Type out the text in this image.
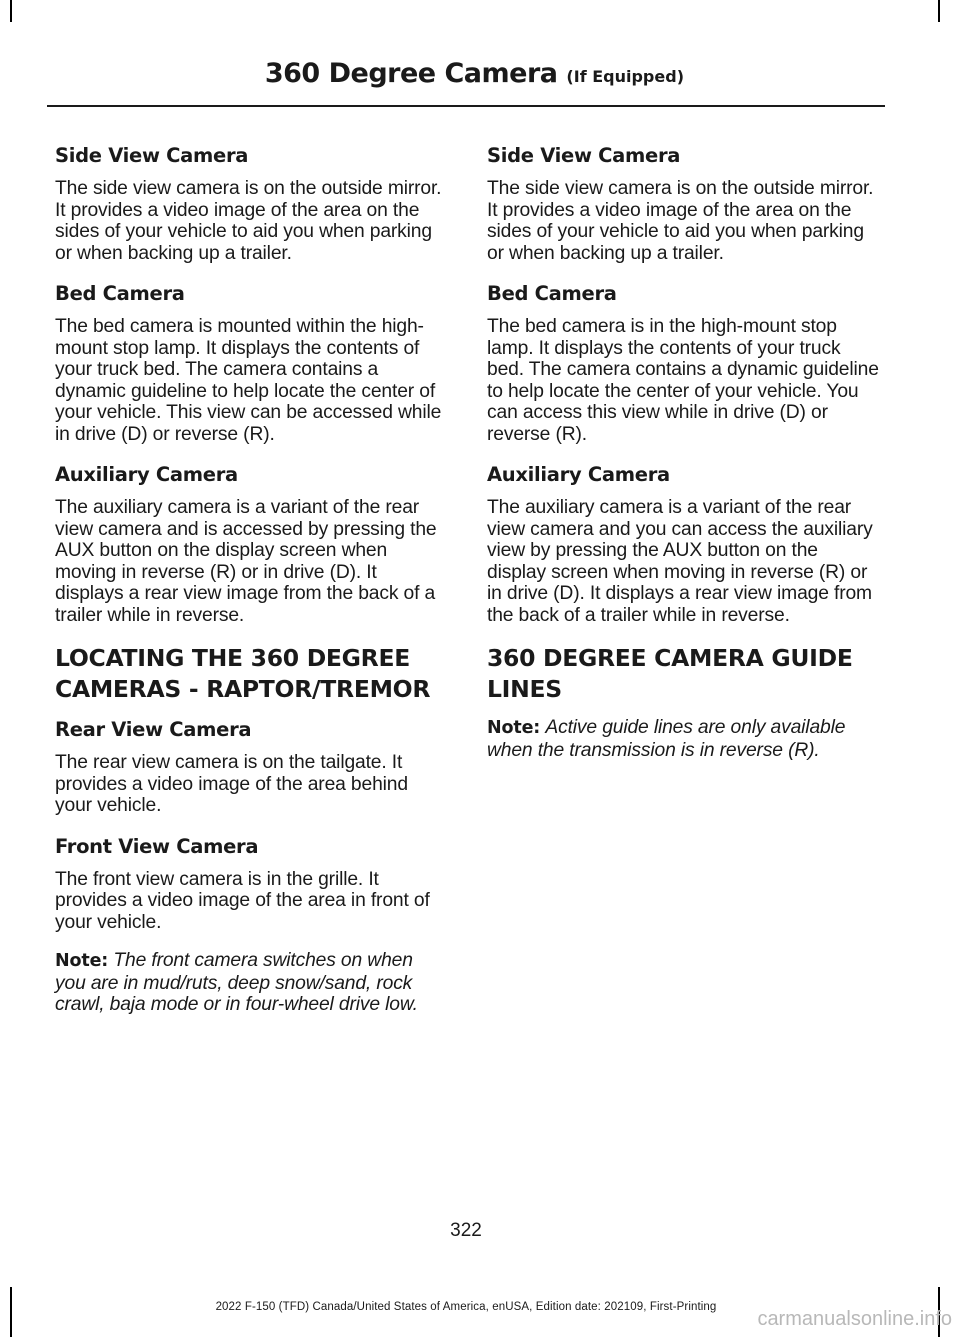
360 Degree Camera (If Equipped)
Side View Camera

The side view camera is on the outside mirror. It provides a video image of the area on the sides of your vehicle to aid you when parking or when backing up a trailer.

Bed Camera

The bed camera is mounted within the high-mount stop lamp. It displays the contents of your truck bed. The camera contains a dynamic guideline to help locate the center of your vehicle. This view can be accessed while in drive (D) or reverse (R).

Auxiliary Camera

The auxiliary camera is a variant of the rear view camera and is accessed by pressing the AUX button on the display screen when moving in reverse (R) or in drive (D). It displays a rear view image from the back of a trailer while in reverse.

LOCATING THE 360 DEGREE
CAMERAS - RAPTOR/TREMOR
Rear View Camera

The rear view camera is on the tailgate. It provides a video image of the area behind your vehicle.

Front View Camera

The front view camera is in the grille. It provides a video image of the area in front of your vehicle.

Note: The front camera switches on when you are in mud/ruts, deep snow/sand, rock crawl, baja mode or in four-wheel drive low.

Side View Camera

The side view camera is on the outside mirror. It provides a video image of the area on the sides of your vehicle to aid you when parking or when backing up a trailer.

Bed Camera

The bed camera is in the high-mount stop lamp. It displays the contents of your truck bed. The camera contains a dynamic guideline to help locate the center of your vehicle. You can access this view while in drive (D) or reverse (R).

Auxiliary Camera

The auxiliary camera is a variant of the rear view camera and you can access the auxiliary view by pressing the AUX button on the display screen when moving in reverse (R) or in drive (D). It displays a rear view image from the back of a trailer while in reverse.

360 DEGREE CAMERA GUIDE
LINES

Note: Active guide lines are only available when the transmission is in reverse (R).

322
2022 F-150 (TFD) Canada/United States of America, enUSA, Edition date: 202109, First-Printing
carmanualsonline.info
